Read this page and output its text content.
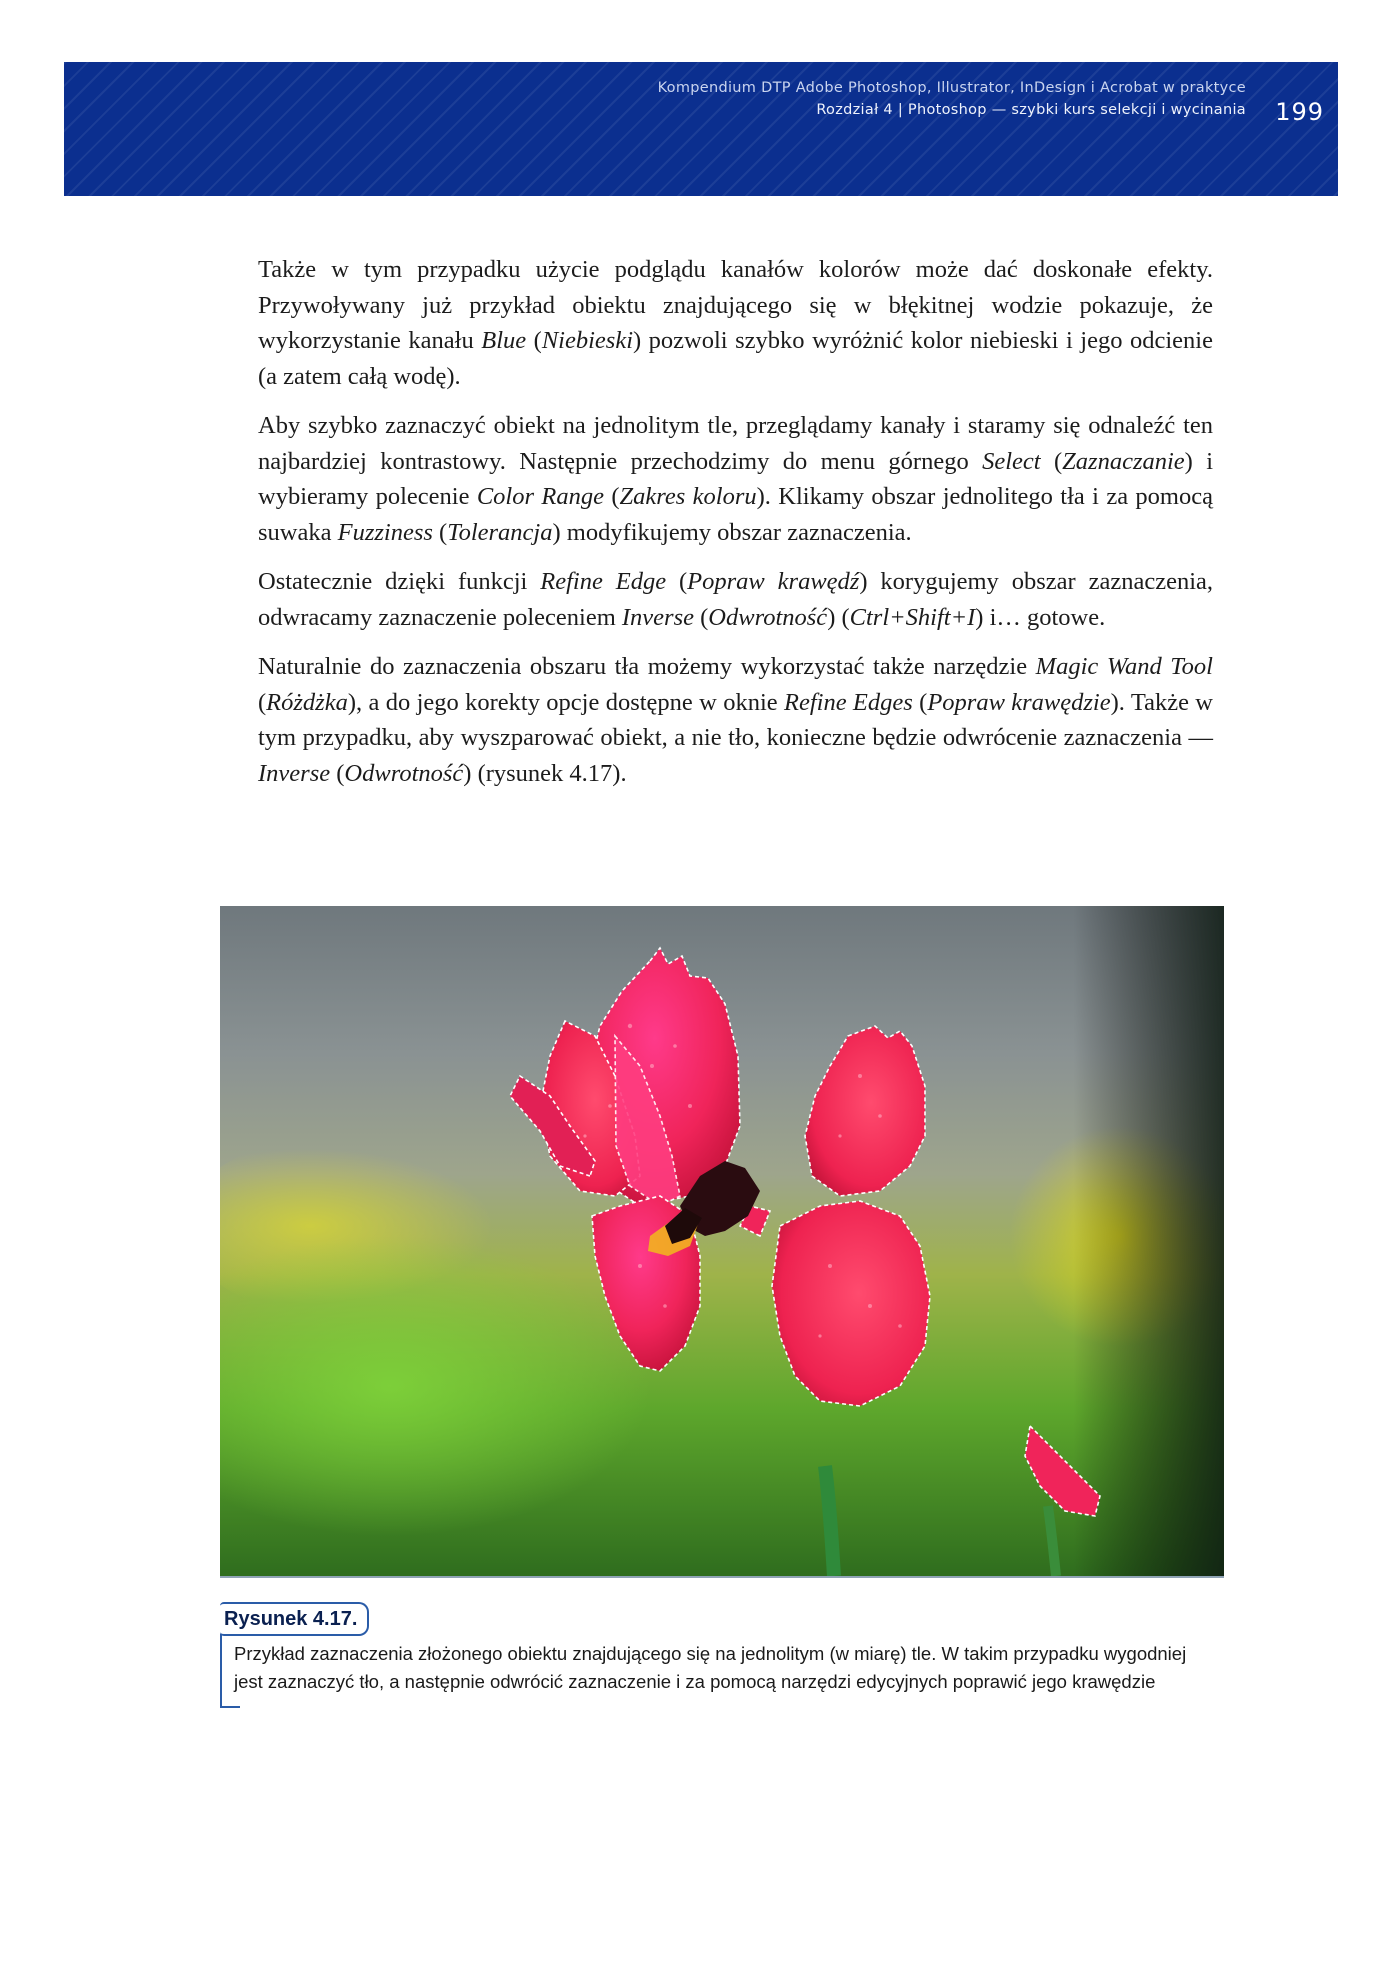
Kompendium DTP Adobe Photoshop, Illustrator, InDesign i Acrobat w praktyce
Rozdział 4 | Photoshop — szybki kurs selekcji i wycinania 199

Także w tym przypadku użycie podglądu kanałów kolorów może dać doskonałe efekty. Przywoływany już przykład obiektu znajdującego się w błękitnej wodzie pokazuje, że wykorzystanie kanału Blue (Niebieski) pozwoli szybko wyróżnić kolor niebieski i jego odcienie (a zatem całą wodę).

Aby szybko zaznaczyć obiekt na jednolitym tle, przeglądamy kanały i staramy się odnaleźć ten najbardziej kontrastowy. Następnie przechodzimy do menu górnego Select (Zaznaczanie) i wybieramy polecenie Color Range (Zakres koloru). Klikamy obszar jednolitego tła i za pomocą suwaka Fuzziness (Tolerancja) modyfikujemy obszar zaznaczenia.

Ostatecznie dzięki funkcji Refine Edge (Popraw krawędź) korygujemy obszar zaznaczenia, odwracamy zaznaczenie poleceniem Inverse (Odwrotność) (Ctrl+Shift+I) i… gotowe.

Naturalnie do zaznaczenia obszaru tła możemy wykorzystać także narzędzie Magic Wand Tool (Różdżka), a do jego korekty opcje dostępne w oknie Refine Edges (Popraw krawędzie). Także w tym przypadku, aby wyszparować obiekt, a nie tło, konieczne będzie odwrócenie zaznaczenia — Inverse (Odwrotność) (rysunek 4.17).

Rysunek 4.17.
Przykład zaznaczenia złożonego obiektu znajdującego się na jednolitym (w miarę) tle. W takim przypadku wygodniej jest zaznaczyć tło, a następnie odwrócić zaznaczenie i za pomocą narzędzi edycyjnych poprawić jego krawędzie
